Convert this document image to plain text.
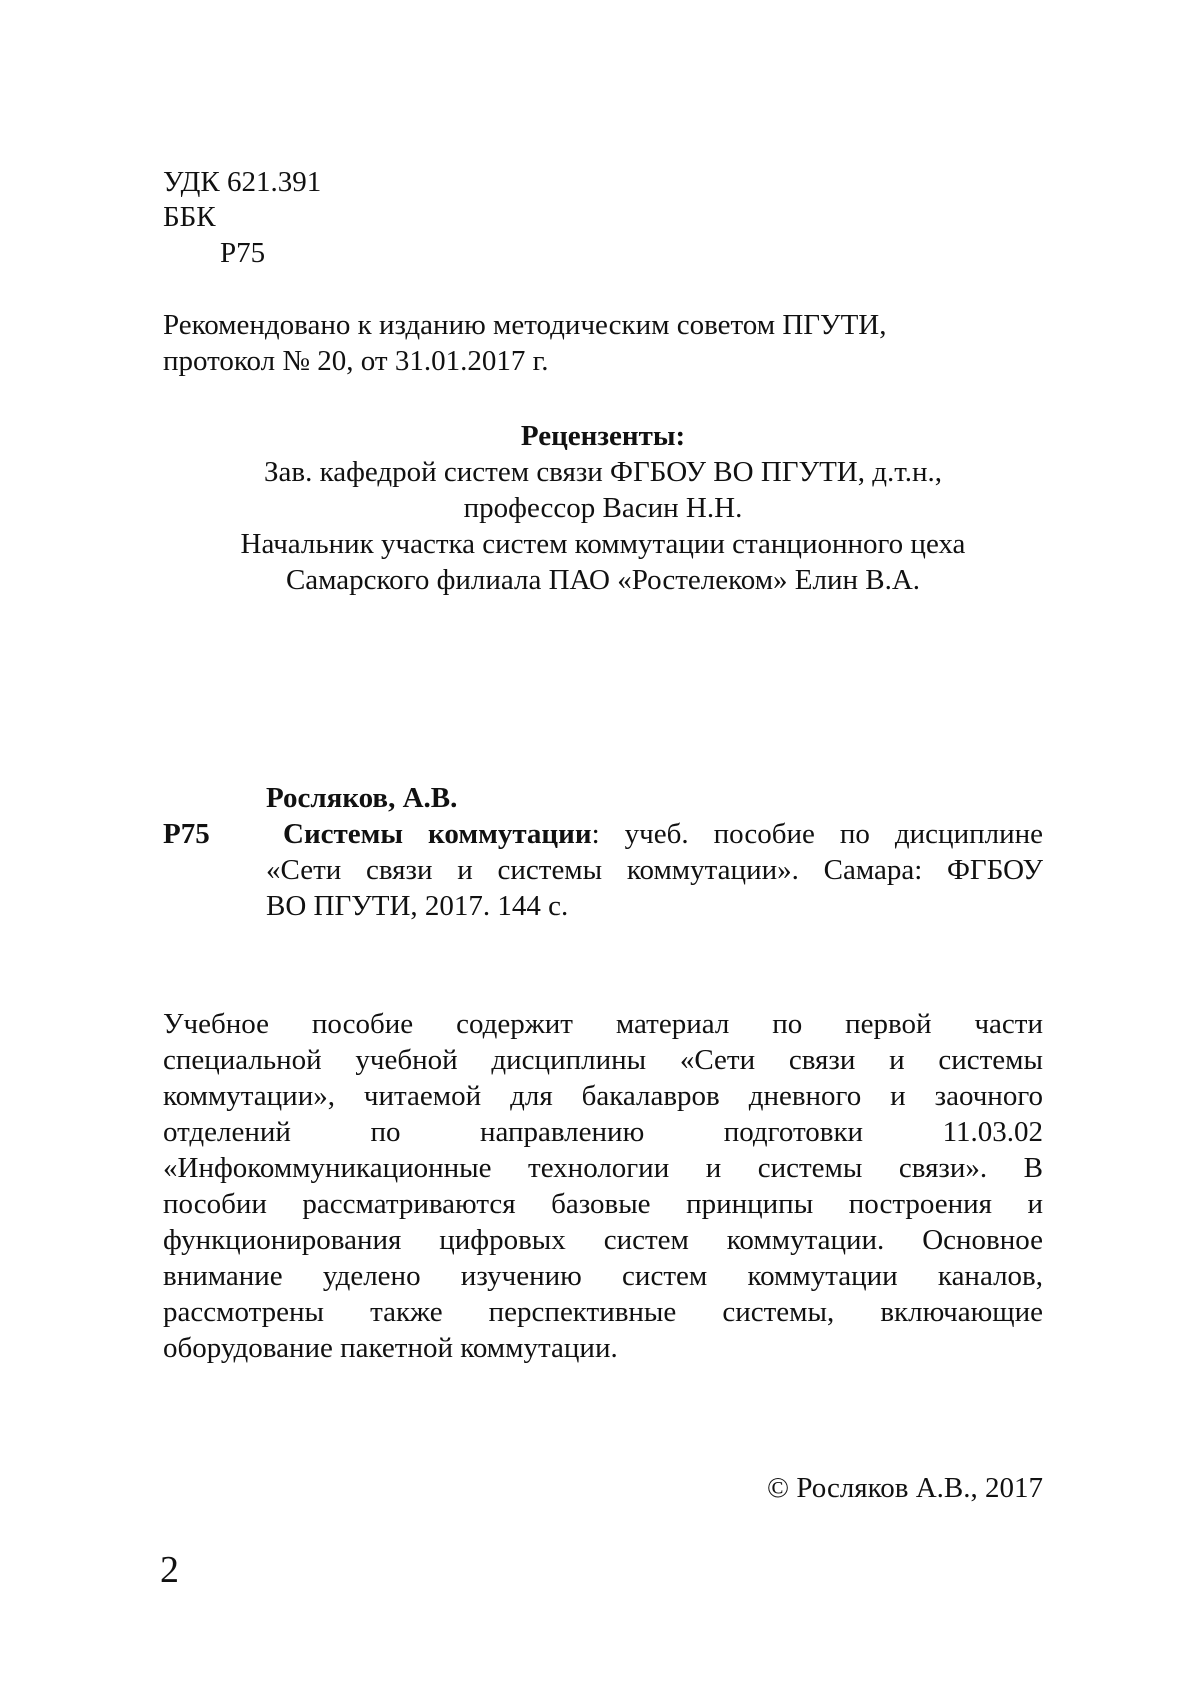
УДК 621.391
ББК
Р75
Рекомендовано к изданию методическим советом ПГУТИ,
протокол № 20, от 31.01.2017 г.
Рецензенты:
Зав. кафедрой систем связи ФГБОУ ВО ПГУТИ, д.т.н.,
профессор Васин Н.Н.
Начальник участка систем коммутации станционного цеха
Самарского филиала ПАО «Ростелеком» Елин В.А.
Росляков, А.В.
Р75	Системы коммутации: учеб. пособие по дисциплине
«Сети связи и системы коммутации». Самара: ФГБОУ
ВО ПГУТИ, 2017. 144 с.
Учебное пособие содержит материал по первой части
специальной учебной дисциплины «Сети связи и системы
коммутации», читаемой для бакалавров дневного и заочного
отделений по направлению подготовки 11.03.02
«Инфокоммуникационные технологии и системы связи». В
пособии рассматриваются базовые принципы построения и
функционирования цифровых систем коммутации. Основное
внимание уделено изучению систем коммутации каналов,
рассмотрены также перспективные системы, включающие
оборудование пакетной коммутации.
© Росляков А.В., 2017
2
